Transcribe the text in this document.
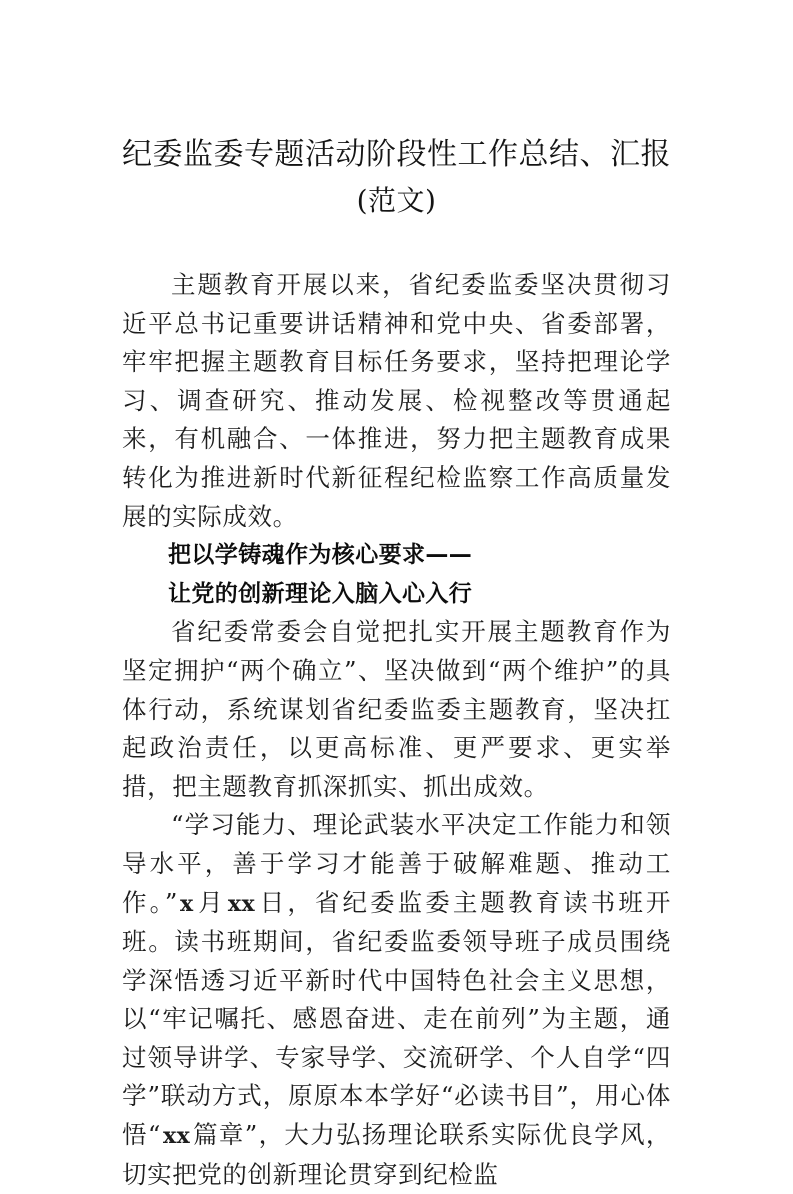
纪委监委专题活动阶段性工作总结、汇报
(范文)

主题教育开展以来，省纪委监委坚决贯彻习近平总书记重要讲话精神和党中央、省委部署，牢牢把握主题教育目标任务要求，坚持把理论学习、调查研究、推动发展、检视整改等贯通起来，有机融合、一体推进，努力把主题教育成果转化为推进新时代新征程纪检监察工作高质量发展的实际成效。

把以学铸魂作为核心要求——
让党的创新理论入脑入心入行

省纪委常委会自觉把扎实开展主题教育作为坚定拥护“两个确立”、坚决做到“两个维护”的具体行动，系统谋划省纪委监委主题教育，坚决扛起政治责任，以更高标准、更严要求、更实举措，把主题教育抓深抓实、抓出成效。

“学习能力、理论武装水平决定工作能力和领导水平，善于学习才能善于破解难题、推动工作。”x月xx日，省纪委监委主题教育读书班开班。读书班期间，省纪委监委领导班子成员围绕学深悟透习近平新时代中国特色社会主义思想，以“牢记嘱托、感恩奋进、走在前列”为主题，通过领导讲学、专家导学、交流研学、个人自学“四学”联动方式，原原本本学好“必读书目”，用心体悟“xx篇章”，大力弘扬理论联系实际优良学风，切实把党的创新理论贯穿到纪检监
